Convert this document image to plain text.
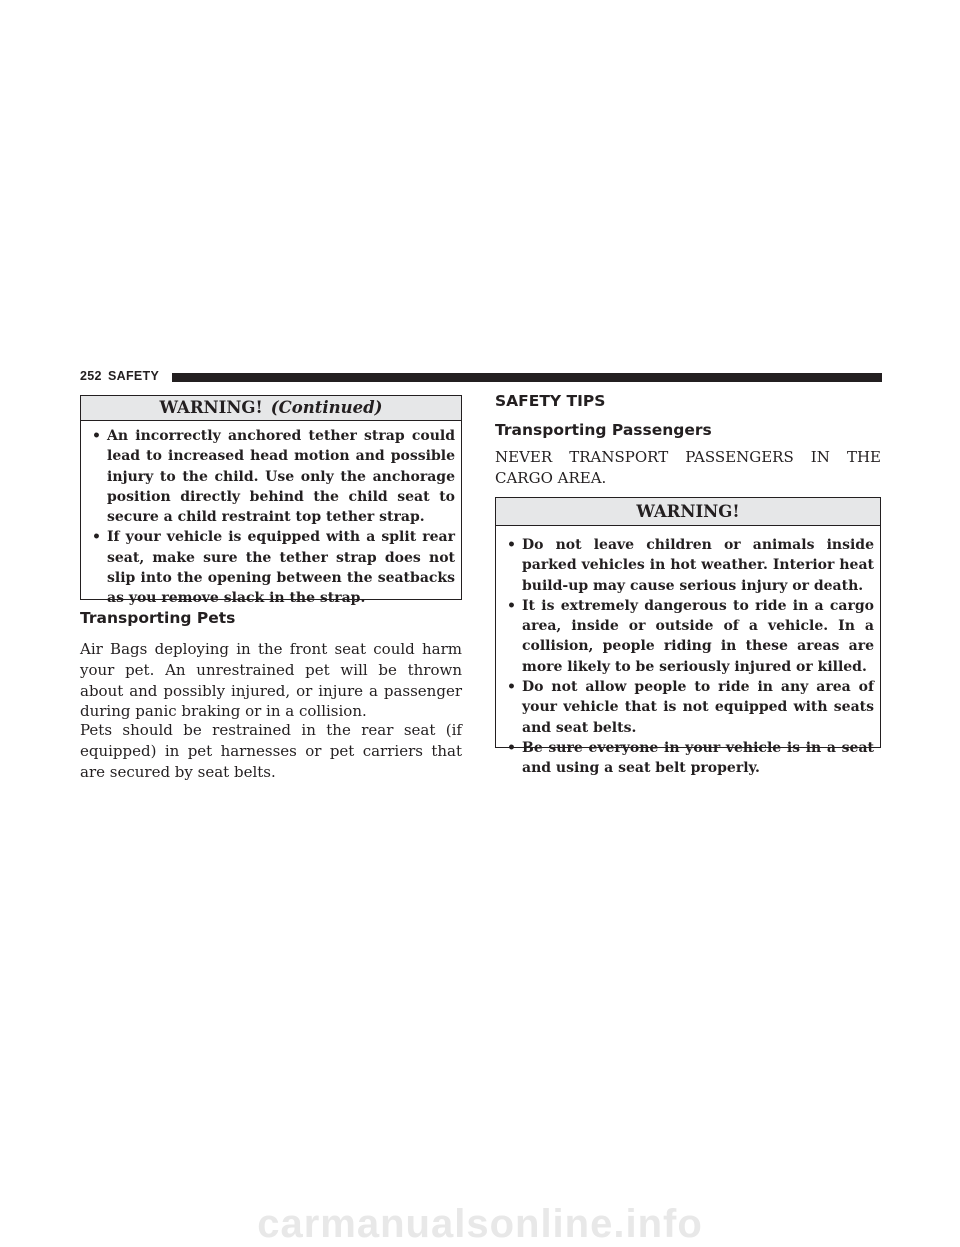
252 SAFETY
WARNING! (Continued)
• An incorrectly anchored tether strap could lead to increased head motion and possible injury to the child. Use only the anchorage position directly behind the child seat to secure a child restraint top tether strap.
• If your vehicle is equipped with a split rear seat, make sure the tether strap does not slip into the opening between the seatbacks as you remove slack in the strap.
Transporting Pets

Air Bags deploying in the front seat could harm your pet. An unrestrained pet will be thrown about and possibly injured, or injure a passenger during panic braking or in a collision.

Pets should be restrained in the rear seat (if equipped) in pet harnesses or pet carriers that are secured by seat belts.

SAFETY TIPS
Transporting Passengers

NEVER TRANSPORT PASSENGERS IN THE CARGO AREA.

WARNING!
• Do not leave children or animals inside parked vehicles in hot weather. Interior heat build-up may cause serious injury or death.
• It is extremely dangerous to ride in a cargo area, inside or outside of a vehicle. In a collision, people riding in these areas are more likely to be seriously injured or killed.
• Do not allow people to ride in any area of your vehicle that is not equipped with seats and seat belts.
• Be sure everyone in your vehicle is in a seat and using a seat belt properly.
carmanualsonline.info
